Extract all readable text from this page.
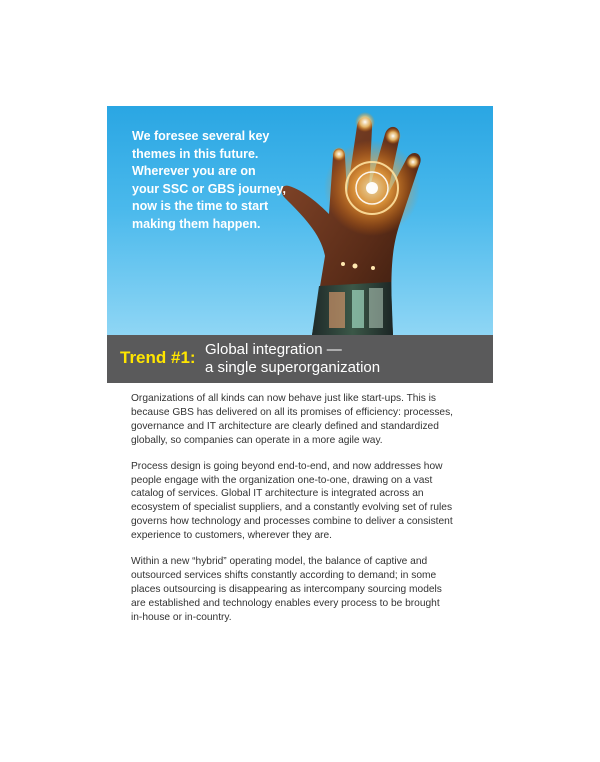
We foresee several key
themes in this future.
Wherever you are on
your SSC or GBS journey,
now is the time to start
making them happen.
Trend #1: Global integration —
a single superorganization
Organizations of all kinds can now behave just like start-ups. This is
because GBS has delivered on all its promises of efficiency: processes,
governance and IT architecture are clearly defined and standardized
globally, so companies can operate in a more agile way.
Process design is going beyond end-to-end, and now addresses how
people engage with the organization one-to-one, drawing on a vast
catalog of services. Global IT architecture is integrated across an
ecosystem of specialist suppliers, and a constantly evolving set of rules
governs how technology and processes combine to deliver a consistent
experience to customers, wherever they are.
Within a new “hybrid” operating model, the balance of captive and
outsourced services shifts constantly according to demand; in some
places outsourcing is disappearing as intercompany sourcing models
are established and technology enables every process to be brought
in-house or in-country.
